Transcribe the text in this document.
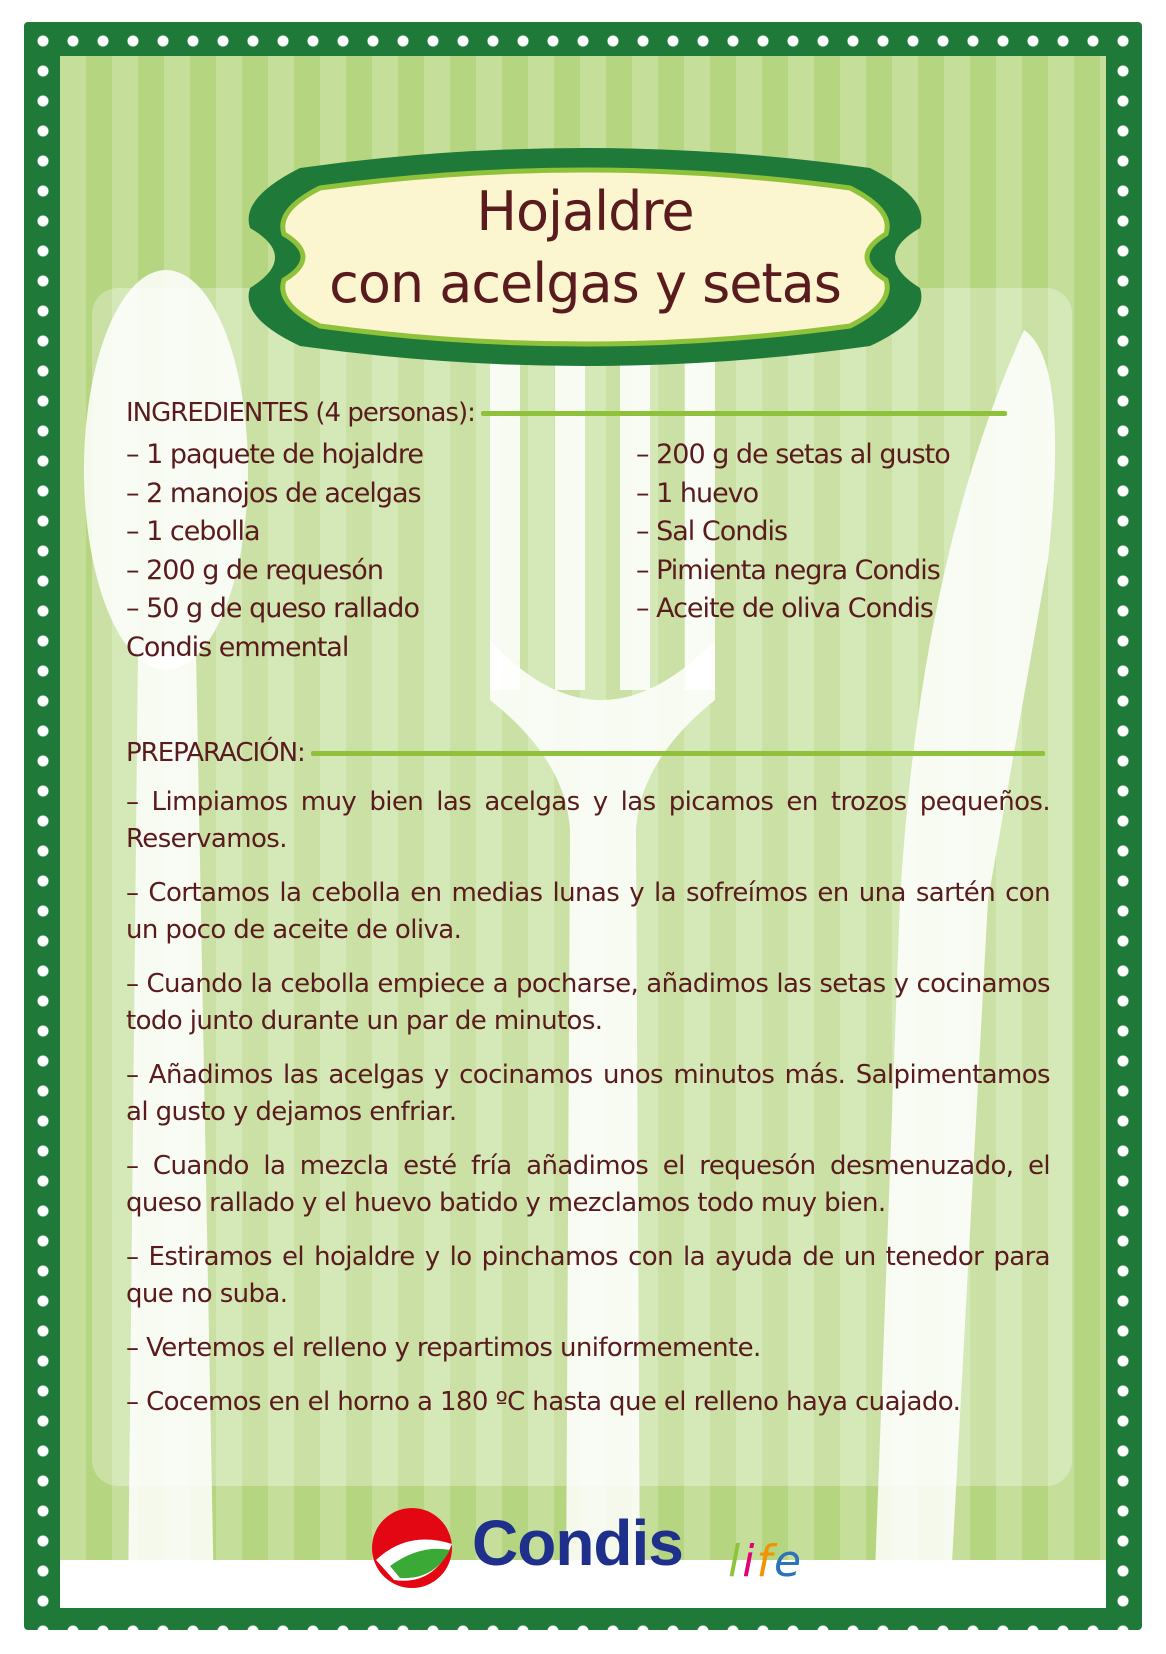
Hojaldre
con acelgas y setas
INGREDIENTES (4 personas):
– 1 paquete de hojaldre
– 2 manojos de acelgas
– 1 cebolla
– 200 g de requesón
– 50 g de queso rallado
Condis emmental
– 200 g de setas al gusto
– 1 huevo
– Sal Condis
– Pimienta negra Condis
– Aceite de oliva Condis
PREPARACIÓN:
– Limpiamos muy bien las acelgas y las picamos en trozos pequeños. Reservamos.
– Cortamos la cebolla en medias lunas y la sofreímos en una sartén con un poco de aceite de oliva.
– Cuando la cebolla empiece a pocharse, añadimos las setas y cocinamos todo junto durante un par de minutos.
– Añadimos las acelgas y cocinamos unos minutos más. Salpimentamos al gusto y dejamos enfriar.
– Cuando la mezcla esté fría añadimos el requesón desmenuzado, el queso rallado y el huevo batido y mezclamos todo muy bien.
– Estiramos el hojaldre y lo pinchamos con la ayuda de un tenedor para que no suba.
– Vertemos el relleno y repartimos uniformemente.
– Cocemos en el horno a 180 ºC hasta que el relleno haya cuajado.
Condis life
